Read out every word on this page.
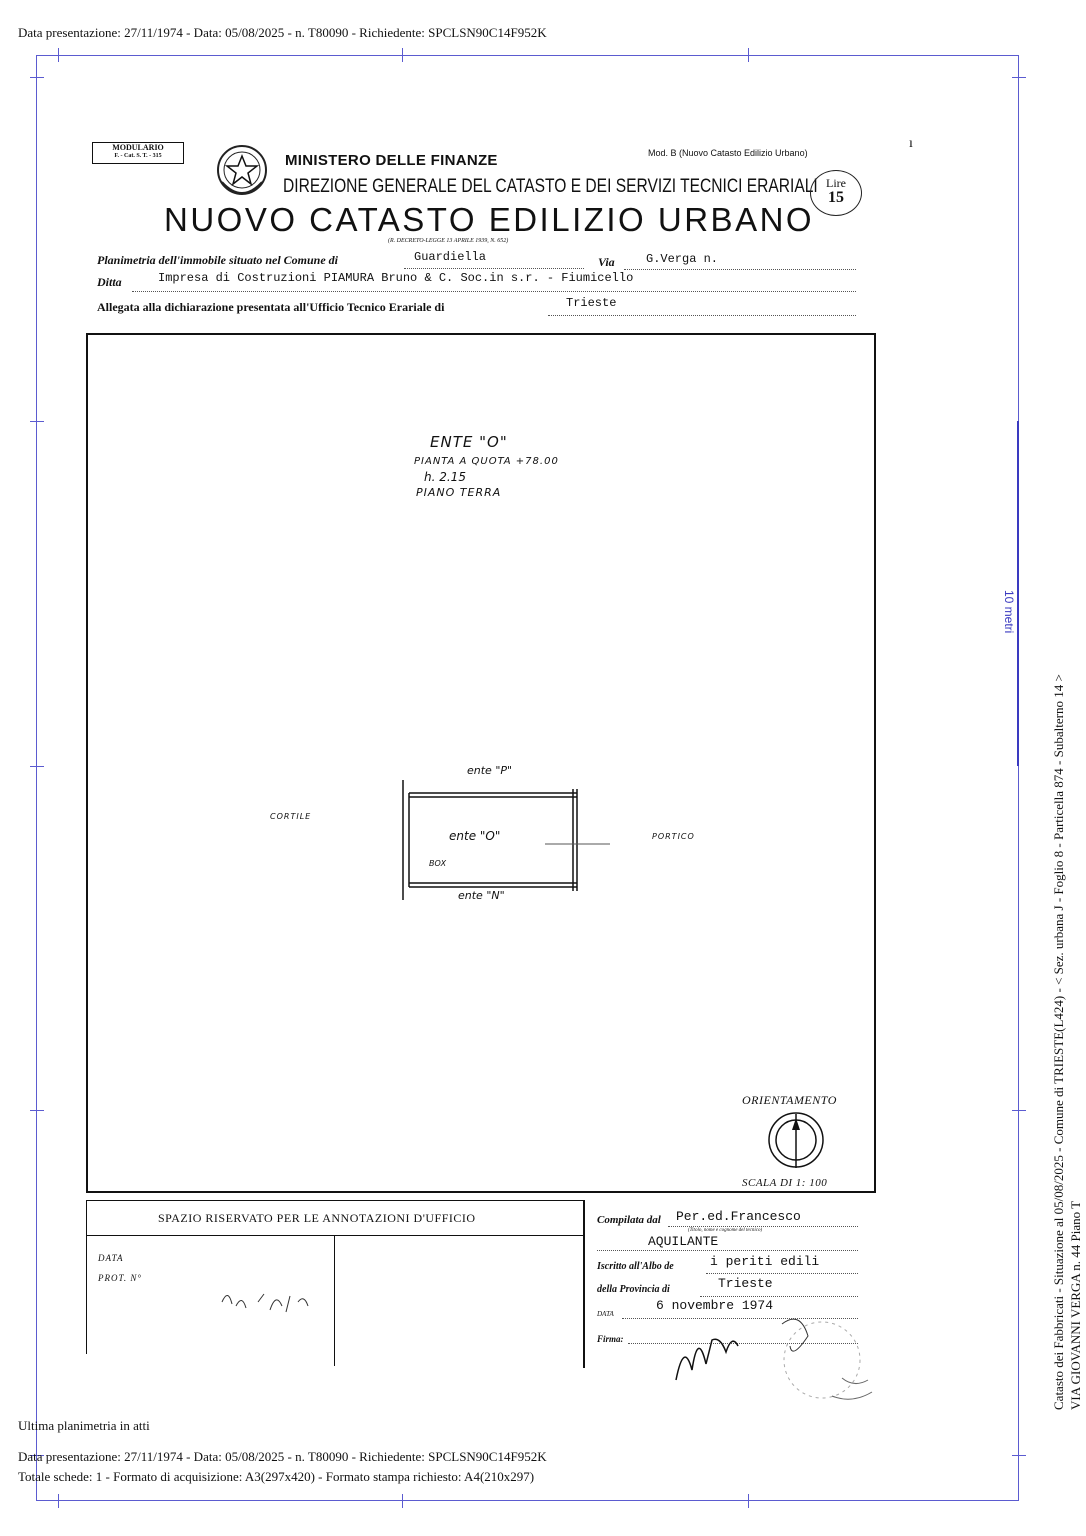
Data presentazione: 27/11/1974 - Data: 05/08/2025 - n. T80090 - Richiedente: SPCLSN90C14F952K
10 metri
Catasto dei Fabbricati - Situazione al 05/08/2025 - Comune di TRIESTE(L424) - < Sez. urbana J - Foglio 8 - Particella 874 - Subalterno 14 > VIA GIOVANNI VERGA n. 44 Piano T
MODULARIO
F. - Cat. S. T. - 315	Mod. B (Nuovo Catasto Edilizio Urbano)
ı
MINISTERO DELLE FINANZE
DIREZIONE GENERALE DEL CATASTO E DEI SERVIZI TECNICI ERARIALI
NUOVO CATASTO EDILIZIO URBANO
(R. DECRETO-LEGGE 13 APRILE 1939, N. 652)
Lire
15
Planimetria dell'immobile situato nel Comune di	Guardiella	Via	G.Verga n.
Ditta	Impresa di Costruzioni PIAMURA Bruno & C. Soc.in s.r. - Fiumicello
Allegata alla dichiarazione presentata all'Ufficio Tecnico Erariale di	Trieste
ENTE "O"
PIANTA A QUOTA +78.00
h. 2.15
PIANO TERRA
ente "P"
ente "O"
ente "N"
BOX
CORTILE
PORTICO
ORIENTAMENTO
SCALA DI 1: 100
SPAZIO RISERVATO PER LE ANNOTAZIONI D'UFFICIO
DATA
PROT. N°
Compilata dal Per.ed.Francesco
(Titolo, nome e cognome del tecnico)
AQUILANTE
Iscritto all'Albo de	i periti edili
della Provincia di	Trieste
DATA
6 novembre 1974
Firma:
Ultima planimetria in atti
Data presentazione: 27/11/1974 - Data: 05/08/2025 - n. T80090 - Richiedente: SPCLSN90C14F952K
Totale schede: 1 - Formato di acquisizione: A3(297x420) - Formato stampa richiesto: A4(210x297)
